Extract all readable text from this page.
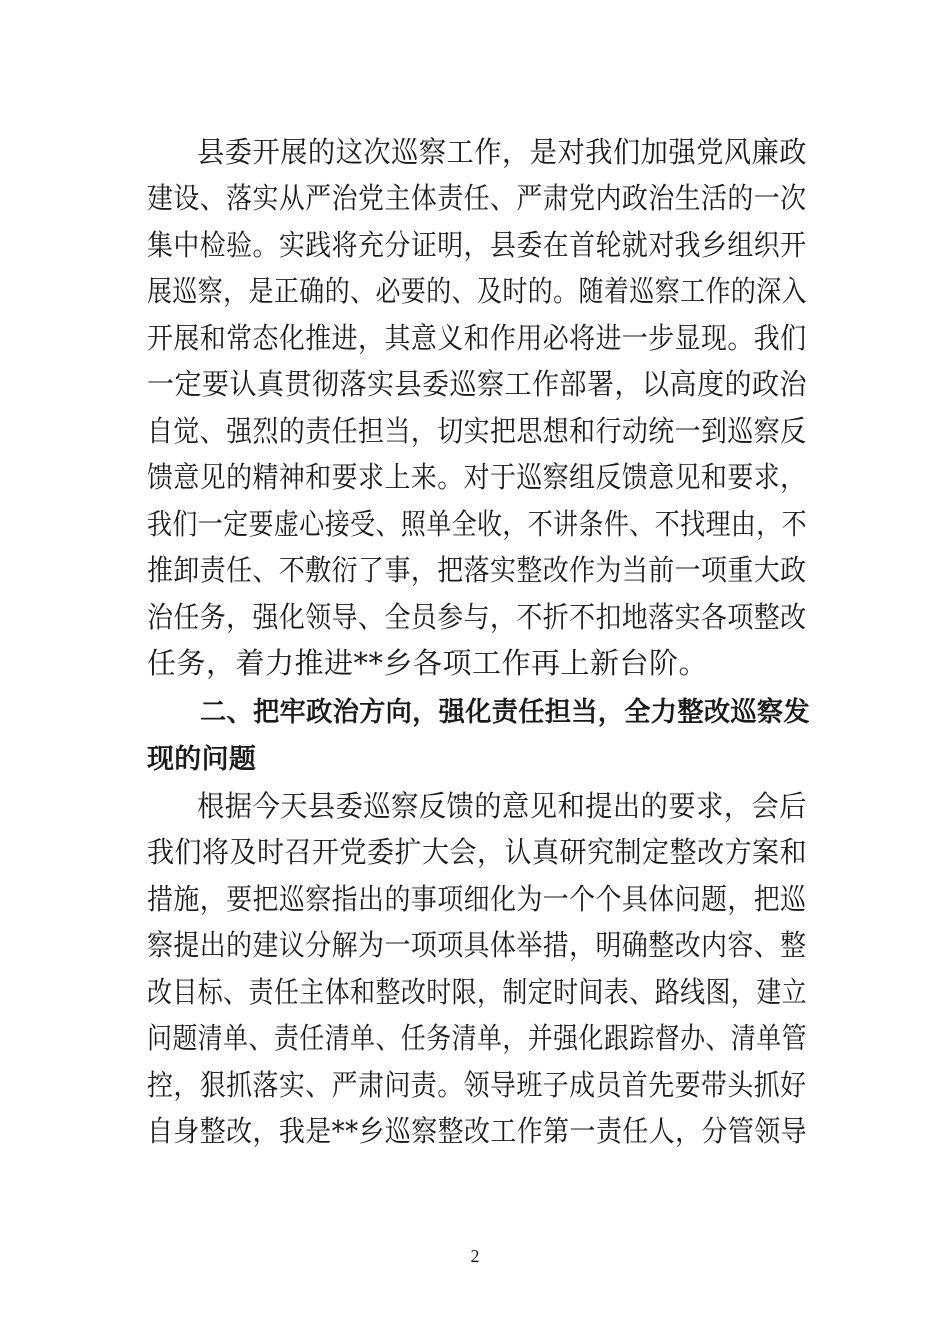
县委开展的这次巡察工作，是对我们加强党风廉政
建设、落实从严治党主体责任、严肃党内政治生活的一次
集中检验。实践将充分证明，县委在首轮就对我乡组织开
展巡察，是正确的、必要的、及时的。随着巡察工作的深入
开展和常态化推进，其意义和作用必将进一步显现。我们
一定要认真贯彻落实县委巡察工作部署，以高度的政治
自觉、强烈的责任担当，切实把思想和行动统一到巡察反
馈意见的精神和要求上来。对于巡察组反馈意见和要求，
我们一定要虚心接受、照单全收，不讲条件、不找理由，不
推卸责任、不敷衍了事，把落实整改作为当前一项重大政
治任务，强化领导、全员参与，不折不扣地落实各项整改
任务，着力推进**乡各项工作再上新台阶。
二、把牢政治方向，强化责任担当，全力整改巡察发
现的问题
根据今天县委巡察反馈的意见和提出的要求，会后
我们将及时召开党委扩大会，认真研究制定整改方案和
措施，要把巡察指出的事项细化为一个个具体问题，把巡
察提出的建议分解为一项项具体举措，明确整改内容、整
改目标、责任主体和整改时限，制定时间表、路线图，建立
问题清单、责任清单、任务清单，并强化跟踪督办、清单管
控，狠抓落实、严肃问责。领导班子成员首先要带头抓好
自身整改，我是**乡巡察整改工作第一责任人，分管领导
2
